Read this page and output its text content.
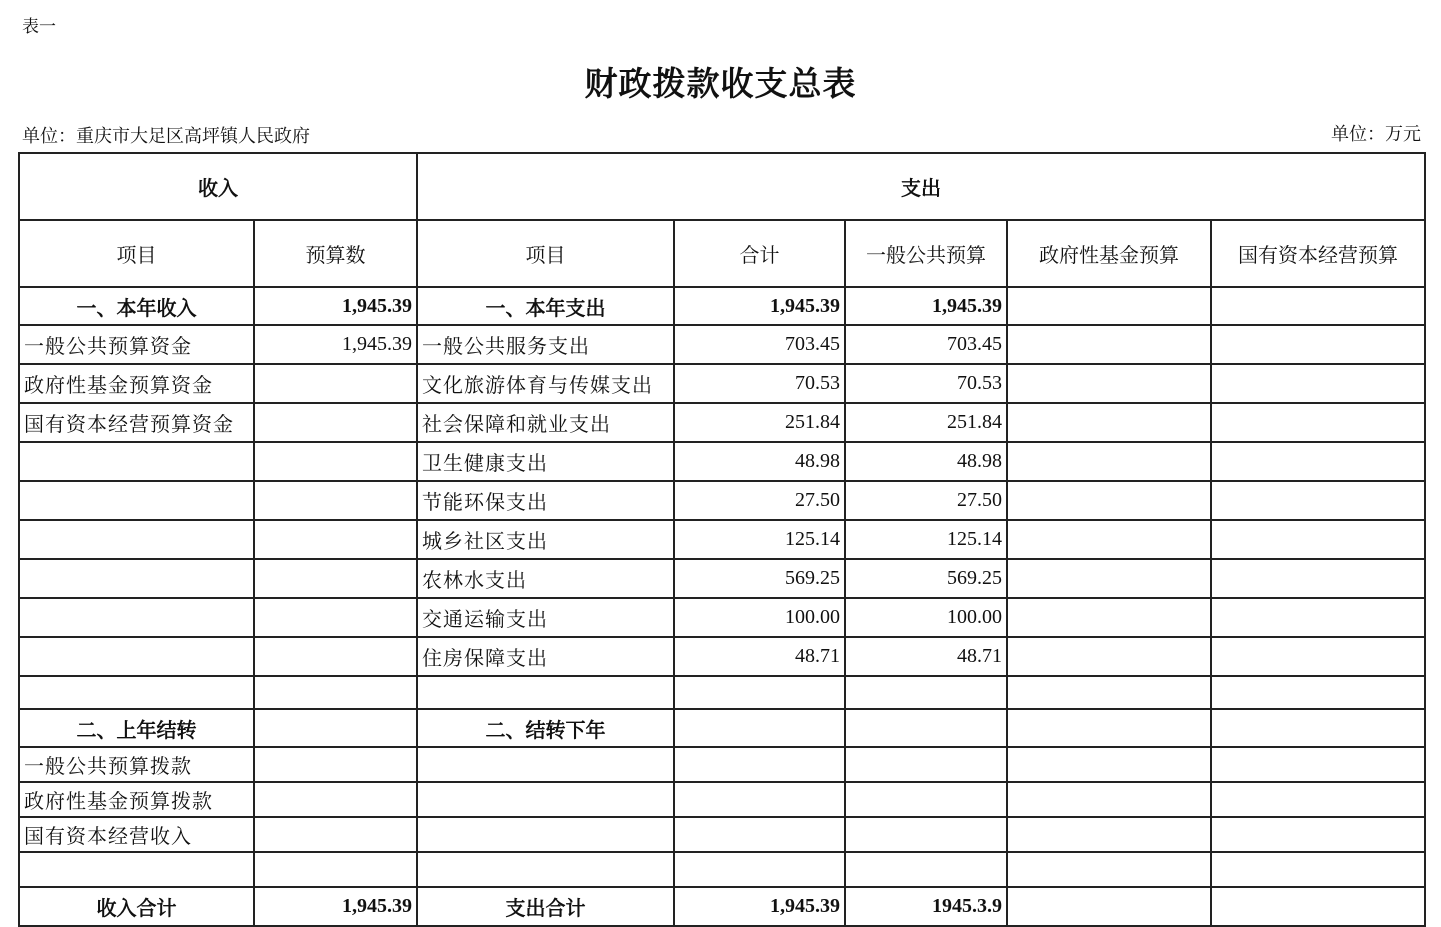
表一
财政拨款收支总表
单位：重庆市大足区高坪镇人民政府	单位：万元
收入		支出				
项目	预算数	项目	合计	一般公共预算	政府性基金预算	国有资本经营预算
一、本年收入	1,945.39	一、本年支出	1,945.39	1,945.39		
一般公共预算资金	1,945.39	一般公共服务支出	703.45	703.45		
政府性基金预算资金		文化旅游体育与传媒支出	70.53	70.53		
国有资本经营预算资金		社会保障和就业支出	251.84	251.84		
		卫生健康支出	48.98	48.98		
		节能环保支出	27.50	27.50		
		城乡社区支出	125.14	125.14		
		农林水支出	569.25	569.25		
		交通运输支出	100.00	100.00		
		住房保障支出	48.71	48.71		

二、上年结转		二、结转下年				
一般公共预算拨款						
政府性基金预算拨款						
国有资本经营收入						

收入合计	1,945.39	支出合计	1,945.39	1945.3.9		
